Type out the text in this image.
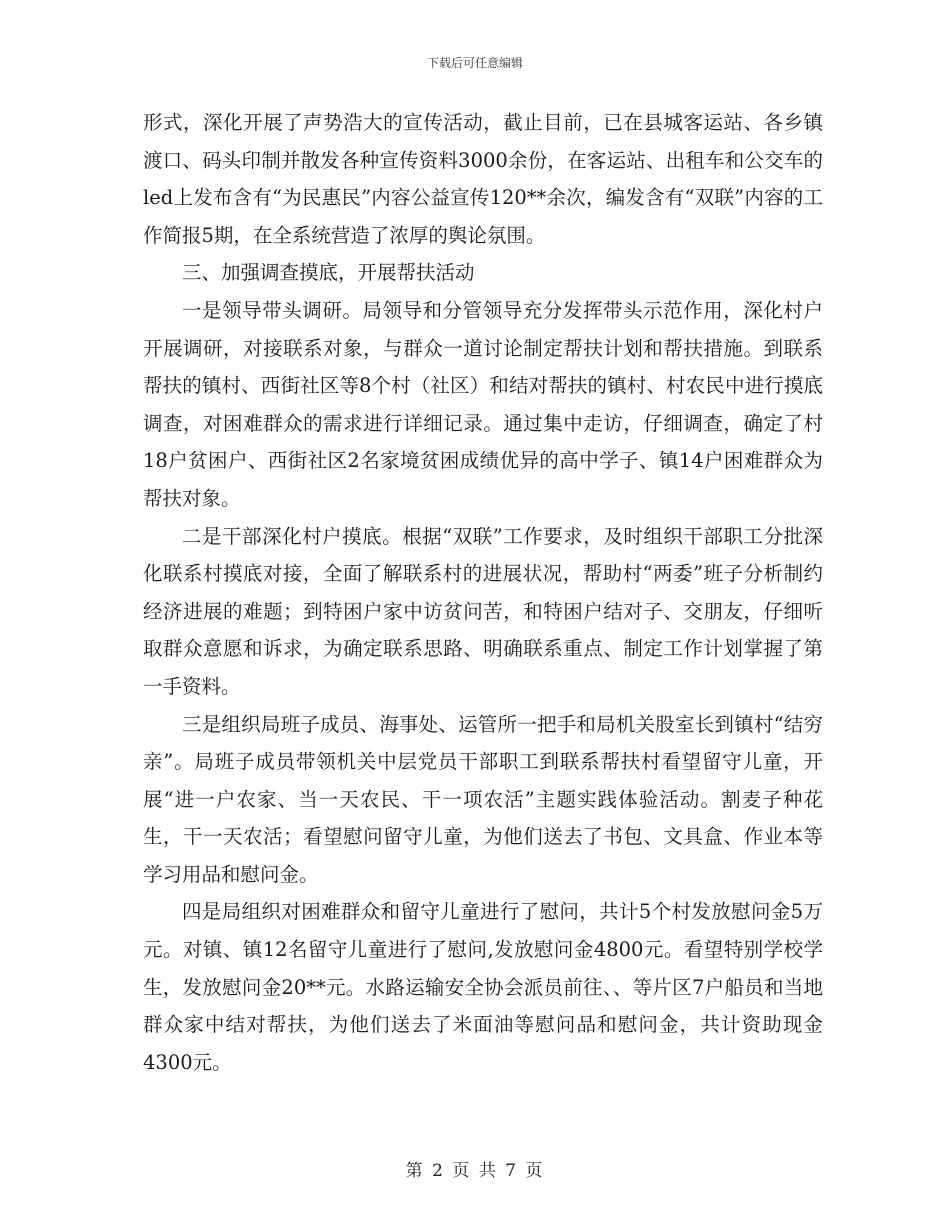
下载后可任意编辑

形式，深化开展了声势浩大的宣传活动，截止目前，已在县城客运站、各乡镇渡口、码头印制并散发各种宣传资料3000余份，在客运站、出租车和公交车的led上发布含有“为民惠民”内容公益宣传120**余次，编发含有“双联”内容的工作简报5期，在全系统营造了浓厚的舆论氛围。

三、加强调查摸底，开展帮扶活动

一是领导带头调研。局领导和分管领导充分发挥带头示范作用，深化村户开展调研，对接联系对象，与群众一道讨论制定帮扶计划和帮扶措施。到联系帮扶的镇村、西街社区等8个村（社区）和结对帮扶的镇村、村农民中进行摸底调查，对困难群众的需求进行详细记录。通过集中走访，仔细调查，确定了村18户贫困户、西街社区2名家境贫困成绩优异的高中学子、镇14户困难群众为帮扶对象。

二是干部深化村户摸底。根据“双联”工作要求，及时组织干部职工分批深化联系村摸底对接，全面了解联系村的进展状况，帮助村“两委”班子分析制约经济进展的难题；到特困户家中访贫问苦，和特困户结对子、交朋友，仔细听取群众意愿和诉求，为确定联系思路、明确联系重点、制定工作计划掌握了第一手资料。

三是组织局班子成员、海事处、运管所一把手和局机关股室长到镇村“结穷亲”。局班子成员带领机关中层党员干部职工到联系帮扶村看望留守儿童，开展“进一户农家、当一天农民、干一项农活”主题实践体验活动。割麦子种花生，干一天农活；看望慰问留守儿童，为他们送去了书包、文具盒、作业本等学习用品和慰问金。

四是局组织对困难群众和留守儿童进行了慰问，共计5个村发放慰问金5万元。对镇、镇12名留守儿童进行了慰问,发放慰问金4800元。看望特别学校学生，发放慰问金20**元。水路运输安全协会派员前往、、等片区7户船员和当地群众家中结对帮扶，为他们送去了米面油等慰问品和慰问金，共计资助现金4300元。

第 2 页 共 7 页
